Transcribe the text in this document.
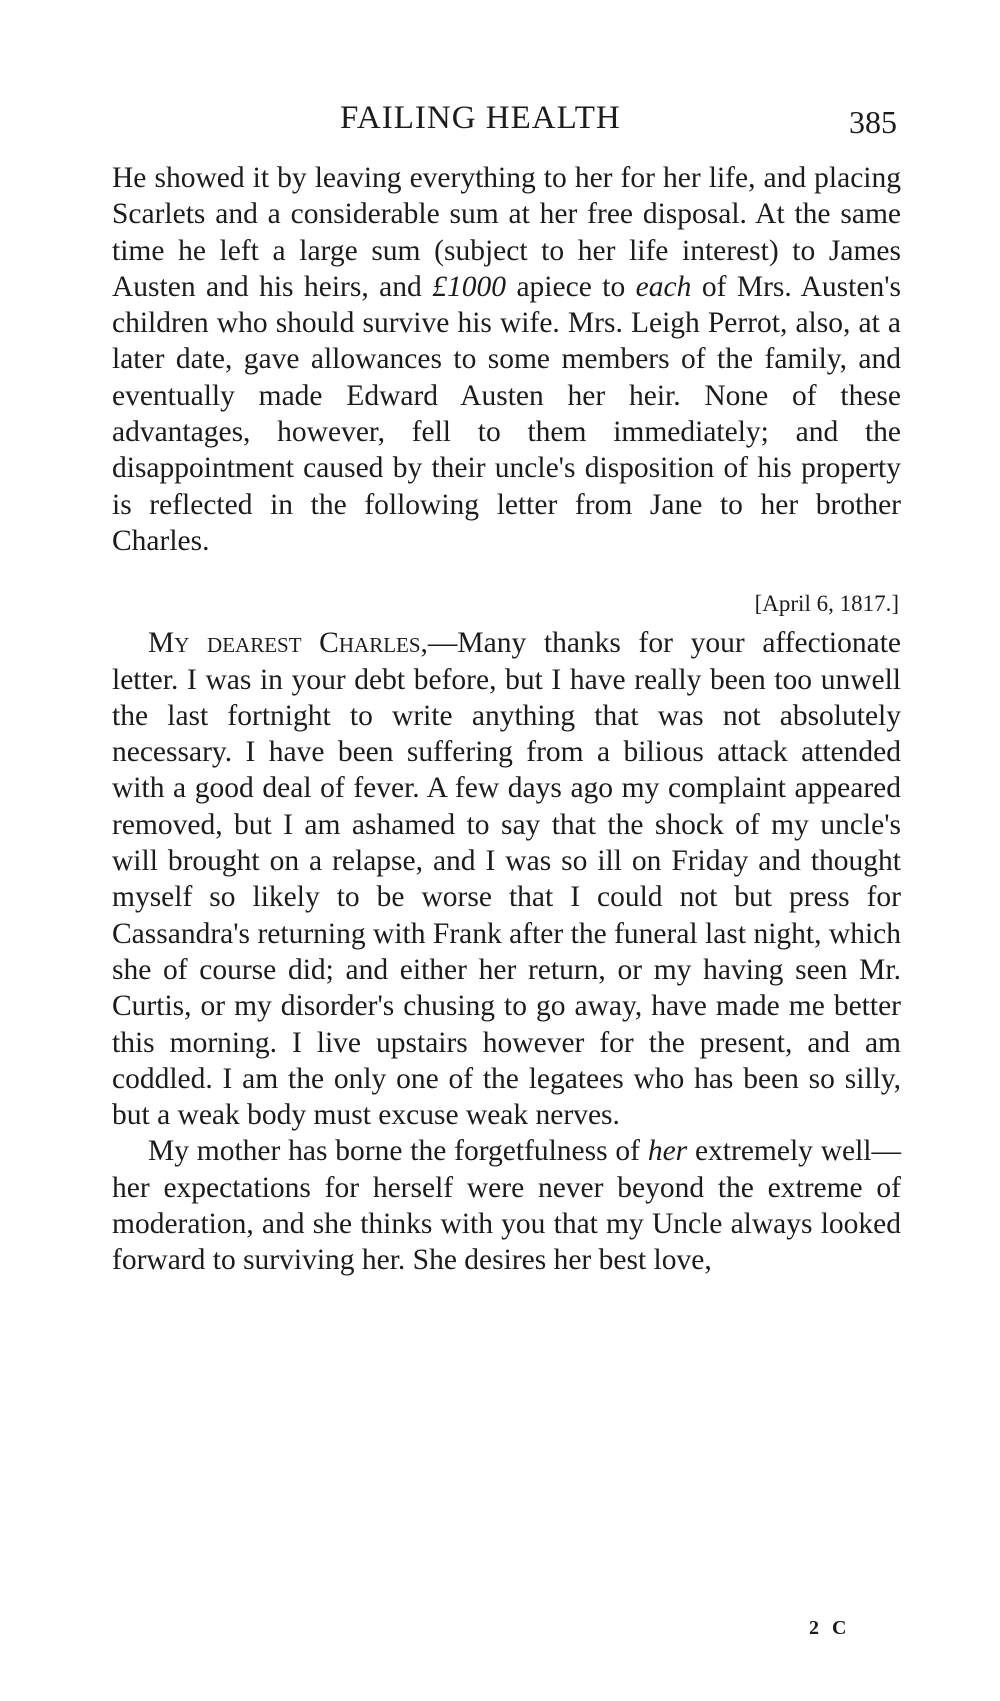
FAILING HEALTH	385

He showed it by leaving everything to her for her life, and placing Scarlets and a considerable sum at her free disposal. At the same time he left a large sum (subject to her life interest) to James Austen and his heirs, and £1000 apiece to each of Mrs. Austen's children who should survive his wife. Mrs. Leigh Perrot, also, at a later date, gave allowances to some members of the family, and eventually made Edward Austen her heir. None of these advantages, however, fell to them immediately; and the disappointment caused by their uncle's disposition of his property is reflected in the following letter from Jane to her brother Charles.

[April 6, 1817.]

My dearest Charles,—Many thanks for your affectionate letter. I was in your debt before, but I have really been too unwell the last fortnight to write anything that was not absolutely necessary. I have been suffering from a bilious attack attended with a good deal of fever. A few days ago my complaint appeared removed, but I am ashamed to say that the shock of my uncle's will brought on a relapse, and I was so ill on Friday and thought myself so likely to be worse that I could not but press for Cassandra's returning with Frank after the funeral last night, which she of course did; and either her return, or my having seen Mr. Curtis, or my disorder's chusing to go away, have made me better this morning. I live upstairs however for the present, and am coddled. I am the only one of the legatees who has been so silly, but a weak body must excuse weak nerves.

My mother has borne the forgetfulness of her extremely well—her expectations for herself were never beyond the extreme of moderation, and she thinks with you that my Uncle always looked forward to surviving her. She desires her best love,

2 C
